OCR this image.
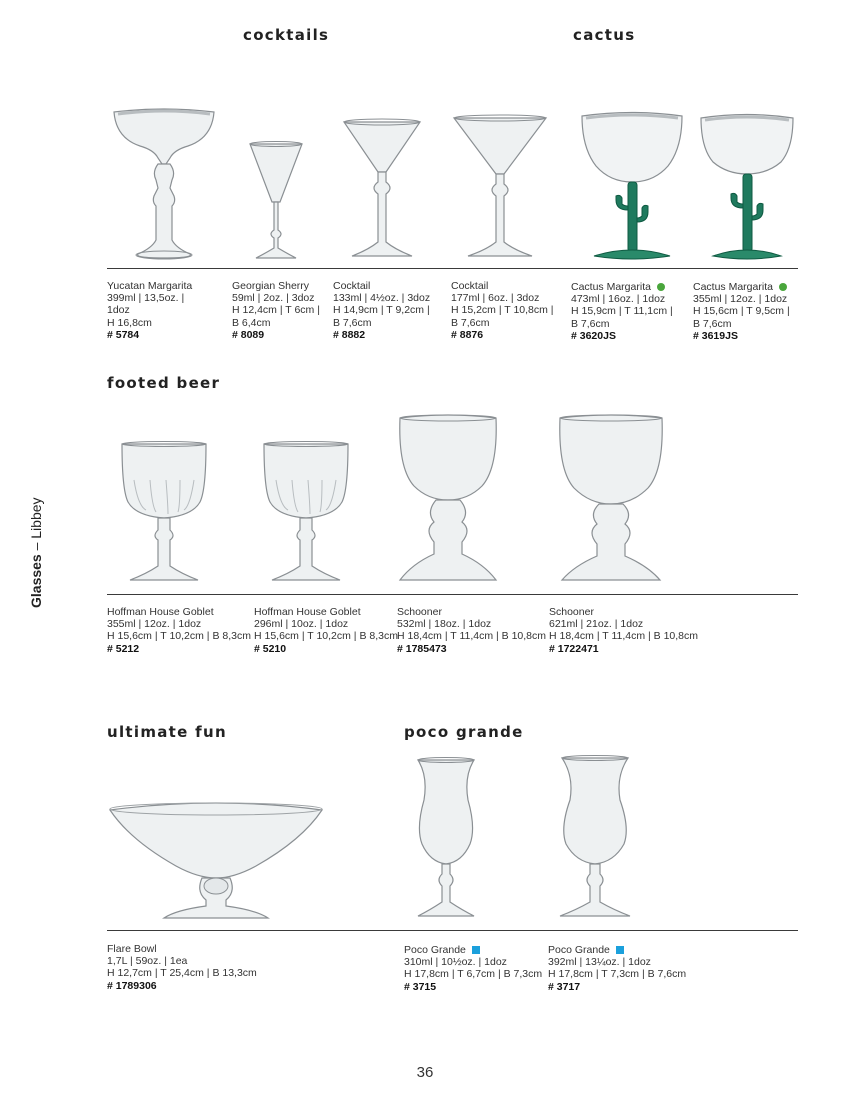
cocktails	cactus
footed beer
ultimate fun	poco grande
Glasses – Libbey
Yucatan Margarita
399ml | 13,5oz. |
1doz
H 16,8cm
# 5784
Georgian Sherry
59ml | 2oz. | 3doz
H 12,4cm | T 6cm |
B 6,4cm
# 8089
Cocktail
133ml | 4½oz. | 3doz
H 14,9cm | T 9,2cm |
B 7,6cm
# 8882
Cocktail
177ml | 6oz. | 3doz
H 15,2cm | T 10,8cm |
B 7,6cm
# 8876
Cactus Margarita
473ml | 16oz. | 1doz
H 15,9cm | T 11,1cm |
B 7,6cm
# 3620JS
Cactus Margarita
355ml | 12oz. | 1doz
H 15,6cm | T 9,5cm |
B 7,6cm
# 3619JS
Hoffman House Goblet
355ml | 12oz. | 1doz
H 15,6cm | T 10,2cm | B 8,3cm
# 5212
Hoffman House Goblet
296ml | 10oz. | 1doz
H 15,6cm | T 10,2cm | B 8,3cm
# 5210
Schooner
532ml | 18oz. | 1doz
H 18,4cm | T 11,4cm | B 10,8cm
# 1785473
Schooner
621ml | 21oz. | 1doz
H 18,4cm | T 11,4cm | B 10,8cm
# 1722471
Flare Bowl
1,7L | 59oz. | 1ea
H 12,7cm | T 25,4cm | B 13,3cm
# 1789306
Poco Grande
310ml | 10½oz. | 1doz
H 17,8cm | T 6,7cm | B 7,3cm
# 3715
Poco Grande
392ml | 13¼oz. | 1doz
H 17,8cm | T 7,3cm | B 7,6cm
# 3717
36
